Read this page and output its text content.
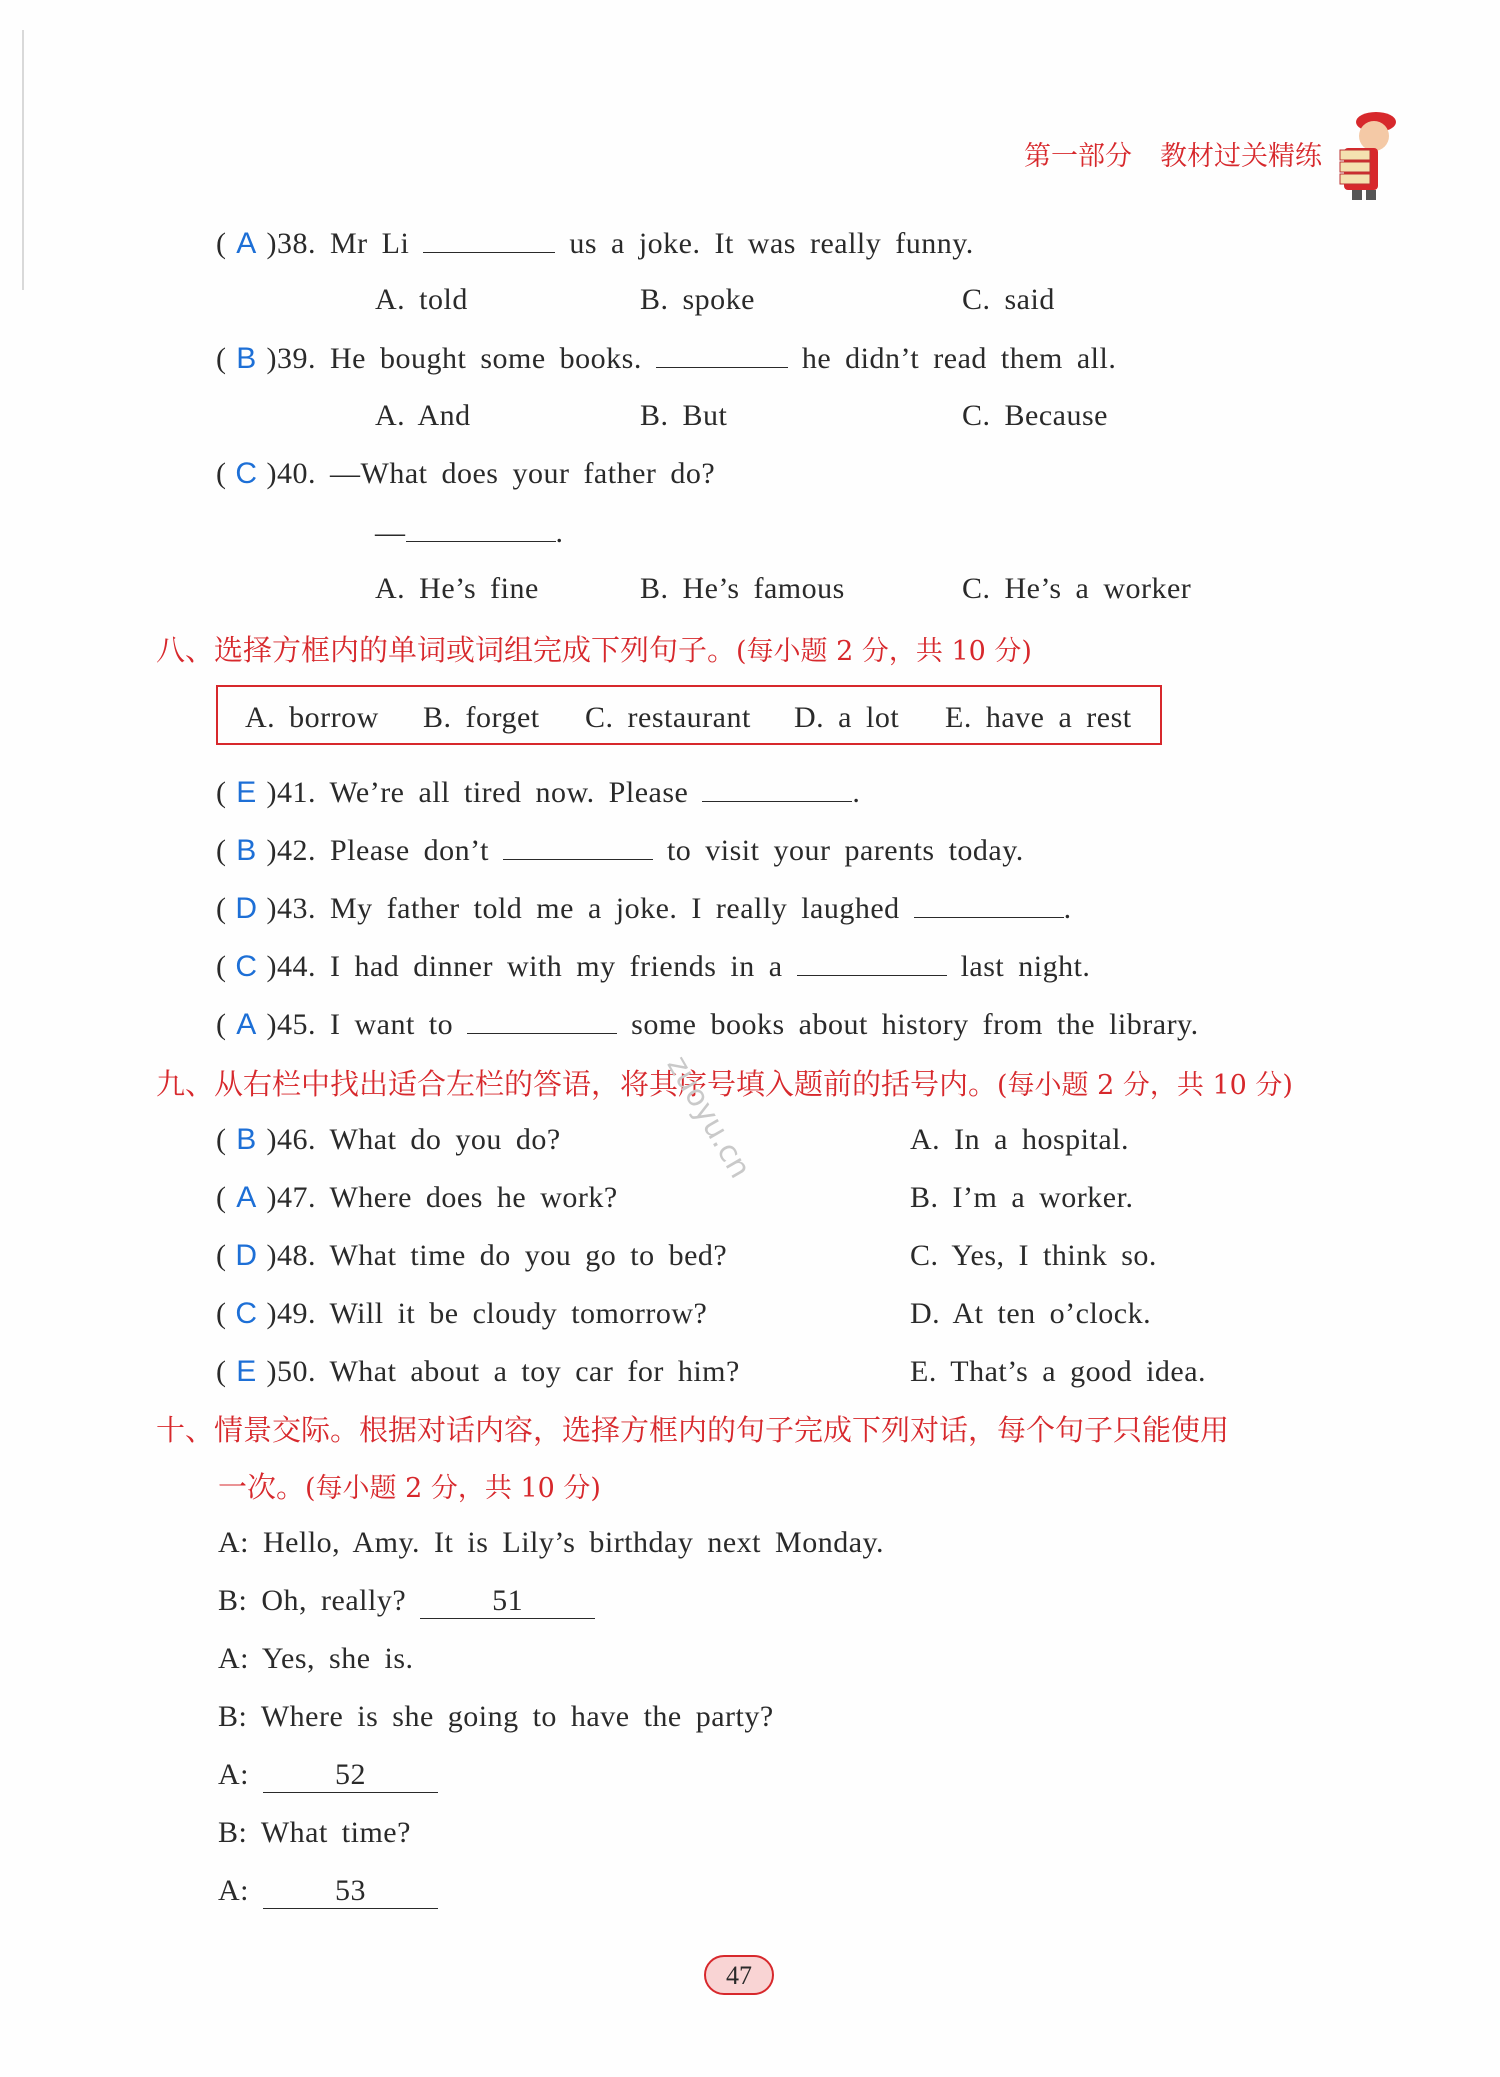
第一部分 教材过关精练
( A )38. Mr Li	us a joke. It was really funny.
A. told	B. spoke	C. said
( B )39. He bought some books.	he didn’t read them all.
A. And	B. But	C. Because
( C )40. —What does your father do?
—	.
A. He’s fine	B. He’s famous	C. He’s a worker
八、选择方框内的单词或词组完成下列句子。(每小题 2 分，共 10 分)
A. borrow B. forget C. restaurant D. a lot E. have a rest
( E )41. We’re all tired now. Please	.
( B )42. Please don’t	to visit your parents today.
( D )43. My father told me a joke. I really laughed	.
( C )44. I had dinner with my friends in a	last night.
( A )45. I want to	some books about history from the library.
九、从右栏中找出适合左栏的答语，将其序号填入题前的括号内。(每小题 2 分，共 10 分)
( B )46. What do you do?	A. In a hospital.
( A )47. Where does he work?	B. I’m a worker.
( D )48. What time do you go to bed?	C. Yes, I think so.
( C )49. Will it be cloudy tomorrow?	D. At ten o’clock.
( E )50. What about a toy car for him?	E. That’s a good idea.
十、情景交际。根据对话内容，选择方框内的句子完成下列对话，每个句子只能使用
一次。(每小题 2 分，共 10 分)
A: Hello, Amy. It is Lily’s birthday next Monday.
B: Oh, really?	51
A: Yes, she is.
B: Where is she going to have the party?
A:	52
B: What time?
A:	53
zuoyu.cn
47
